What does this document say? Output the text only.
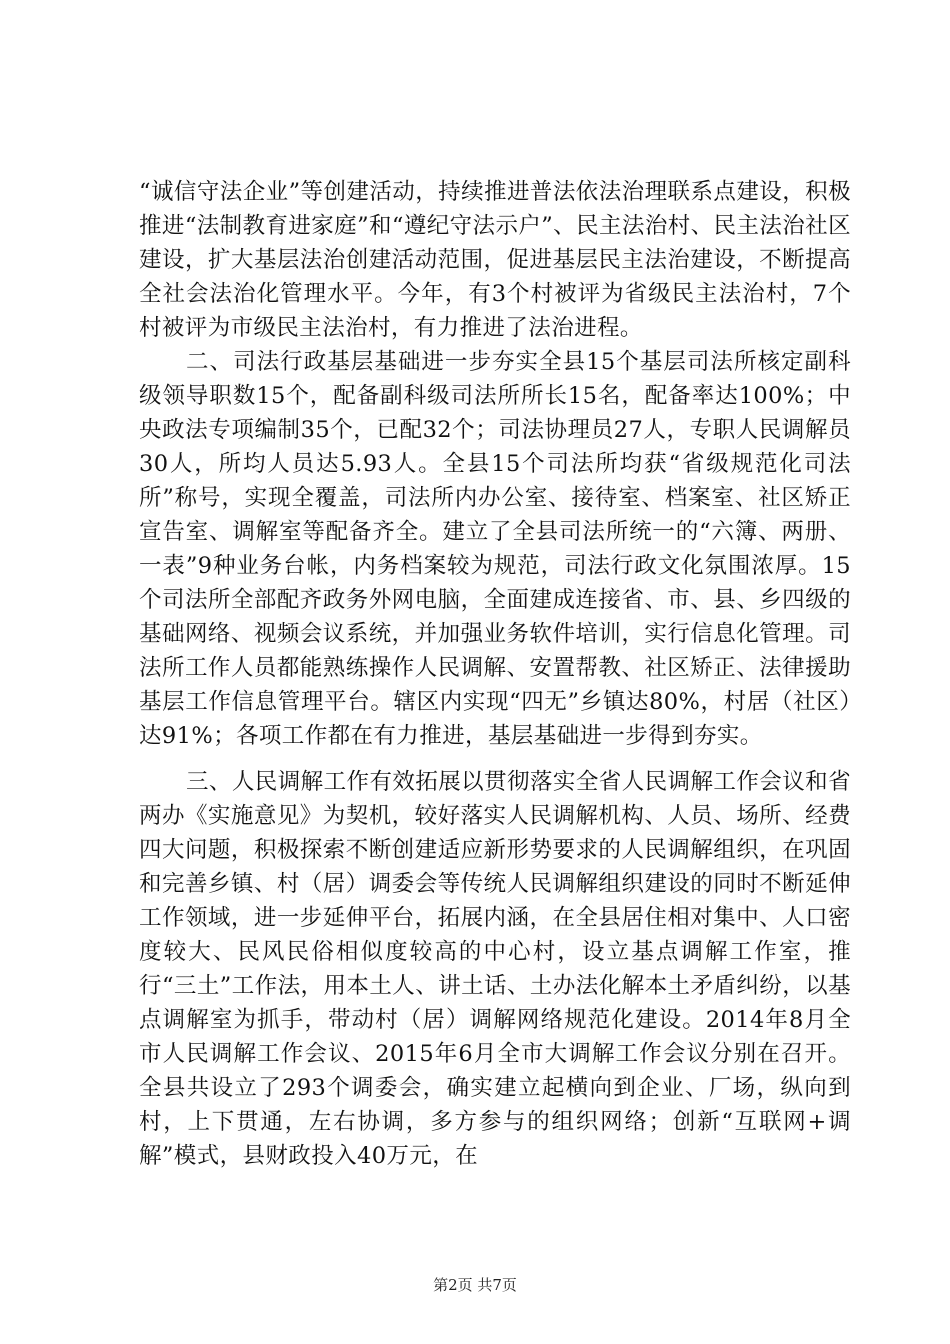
“诚信守法企业”等创建活动，持续推进普法依法治理联系点建设，积极推进“法制教育进家庭”和“遵纪守法示户”、民主法治村、民主法治社区建设，扩大基层法治创建活动范围，促进基层民主法治建设，不断提高全社会法治化管理水平。今年，有3个村被评为省级民主法治村，7个村被评为市级民主法治村，有力推进了法治进程。

二、司法行政基层基础进一步夯实全县15个基层司法所核定副科级领导职数15个，配备副科级司法所所长15名，配备率达100%；中央政法专项编制35个，已配32个；司法协理员27人，专职人民调解员30人，所均人员达5.93人。全县15个司法所均获“省级规范化司法所”称号，实现全覆盖，司法所内办公室、接待室、档案室、社区矫正宣告室、调解室等配备齐全。建立了全县司法所统一的“六簿、两册、一表”9种业务台帐，内务档案较为规范，司法行政文化氛围浓厚。15个司法所全部配齐政务外网电脑，全面建成连接省、市、县、乡四级的基础网络、视频会议系统，并加强业务软件培训，实行信息化管理。司法所工作人员都能熟练操作人民调解、安置帮教、社区矫正、法律援助基层工作信息管理平台。辖区内实现“四无”乡镇达80%，村居（社区）达91%；各项工作都在有力推进，基层基础进一步得到夯实。

三、人民调解工作有效拓展以贯彻落实全省人民调解工作会议和省两办《实施意见》为契机，较好落实人民调解机构、人员、场所、经费四大问题，积极探索不断创建适应新形势要求的人民调解组织，在巩固和完善乡镇、村（居）调委会等传统人民调解组织建设的同时不断延伸工作领域，进一步延伸平台，拓展内涵，在全县居住相对集中、人口密度较大、民风民俗相似度较高的中心村，设立基点调解工作室，推行“三土”工作法，用本土人、讲土话、土办法化解本土矛盾纠纷，以基点调解室为抓手，带动村（居）调解网络规范化建设。2014年8月全市人民调解工作会议、2015年6月全市大调解工作会议分别在召开。全县共设立了293个调委会，确实建立起横向到企业、厂场，纵向到村，上下贯通，左右协调，多方参与的组织网络；创新“互联网+调解”模式，县财政投入40万元，在

第2页 共7页
